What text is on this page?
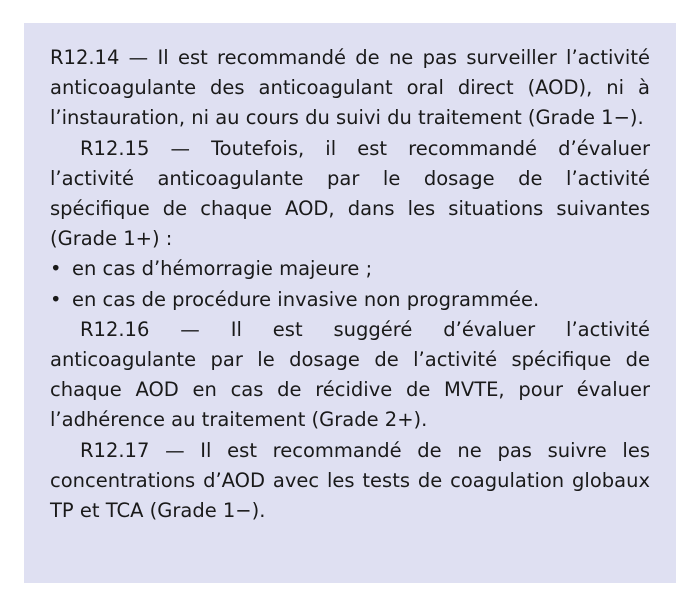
R12.14 — Il est recommandé de ne pas surveiller l’activité anticoagulante des anticoagulant oral direct (AOD), ni à l’instauration, ni au cours du suivi du traitement (Grade 1−).

R12.15 — Toutefois, il est recommandé d’évaluer l’activité anticoagulante par le dosage de l’activité spécifique de chaque AOD, dans les situations suivantes (Grade 1+) :

• en cas d’hémorragie majeure ;
• en cas de procédure invasive non programmée.

R12.16 — Il est suggéré d’évaluer l’activité anticoagulante par le dosage de l’activité spécifique de chaque AOD en cas de récidive de MVTE, pour évaluer l’adhérence au traitement (Grade 2+).

R12.17 — Il est recommandé de ne pas suivre les concentrations d’AOD avec les tests de coagulation globaux TP et TCA (Grade 1−).
